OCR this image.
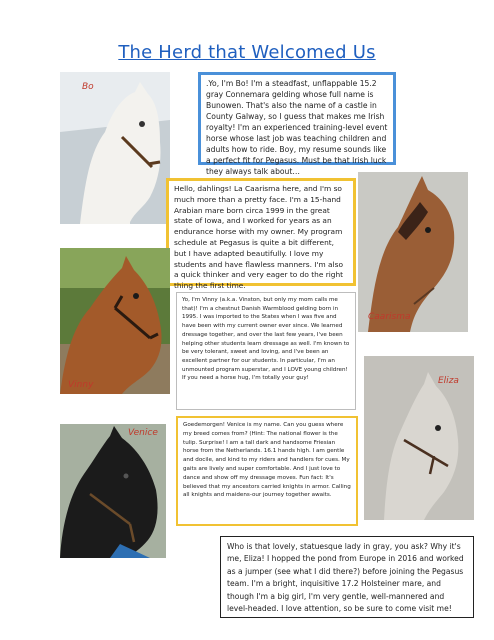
The Herd that Welcomed Us
Bo	.Yo, I'm Bo! I'm a steadfast, unflappable 15.2 gray Connemara gelding whose full name is Bunowen. That's also the name of a castle in County Galway, so I guess that makes me Irish royalty! I'm an experienced training-level event horse whose last job was teaching children and adults how to ride. Boy, my resume sounds like a perfect fit for Pegasus. Must be that Irish luck they always talk about…

Hello, dahlings! La Caarisma here, and I'm so much more than a pretty face. I'm a 15-hand Arabian mare born circa 1999 in the great state of Iowa, and I worked for years as an endurance horse with my owner. My program schedule at Pegasus is quite a bit different, but I have adapted beautifully. I love my students and have flawless manners. I'm also a quick thinker and very eager to do the right thing the first time.

Caarisma
Vinny

Yo, I'm Vinny (a.k.a. Vinston, but only my mom calls me that)! I'm a chestnut Danish Warmblood gelding born in 1995. I was imported to the States when I was five and have been with my current owner ever since. We learned dressage together, and over the last few years, I've been helping other students learn dressage as well. I'm known to be very tolerant, sweet and loving, and I've been an excellent partner for our students. In particular, I'm an unmounted program superstar, and I LOVE young children! If you need a horse hug, I'm totally your guy!	Eliza
Venice

Goedemorgen! Venice is my name. Can you guess where my breed comes from? (Hint: The national flower is the tulip. Surprise! I am a tall dark and handsome Friesian horse from the Netherlands. 16.1 hands high. I am gentle and docile, and kind to my riders and handlers for cues. My gaits are lively and super comfortable. And I just love to dance and show off my dressage moves. Fun fact: It's believed that my ancestors carried knights in armor. Calling all knights and maidens-our journey together awaits.

Who is that lovely, statuesque lady in gray, you ask? Why it's me, Eliza! I hopped the pond from Europe in 2016 and worked as a jumper (see what I did there?) before joining the Pegasus team. I'm a bright, inquisitive 17.2 Holsteiner mare, and though I'm a big girl, I'm very gentle, well-mannered and level-headed. I love attention, so be sure to come visit me!
